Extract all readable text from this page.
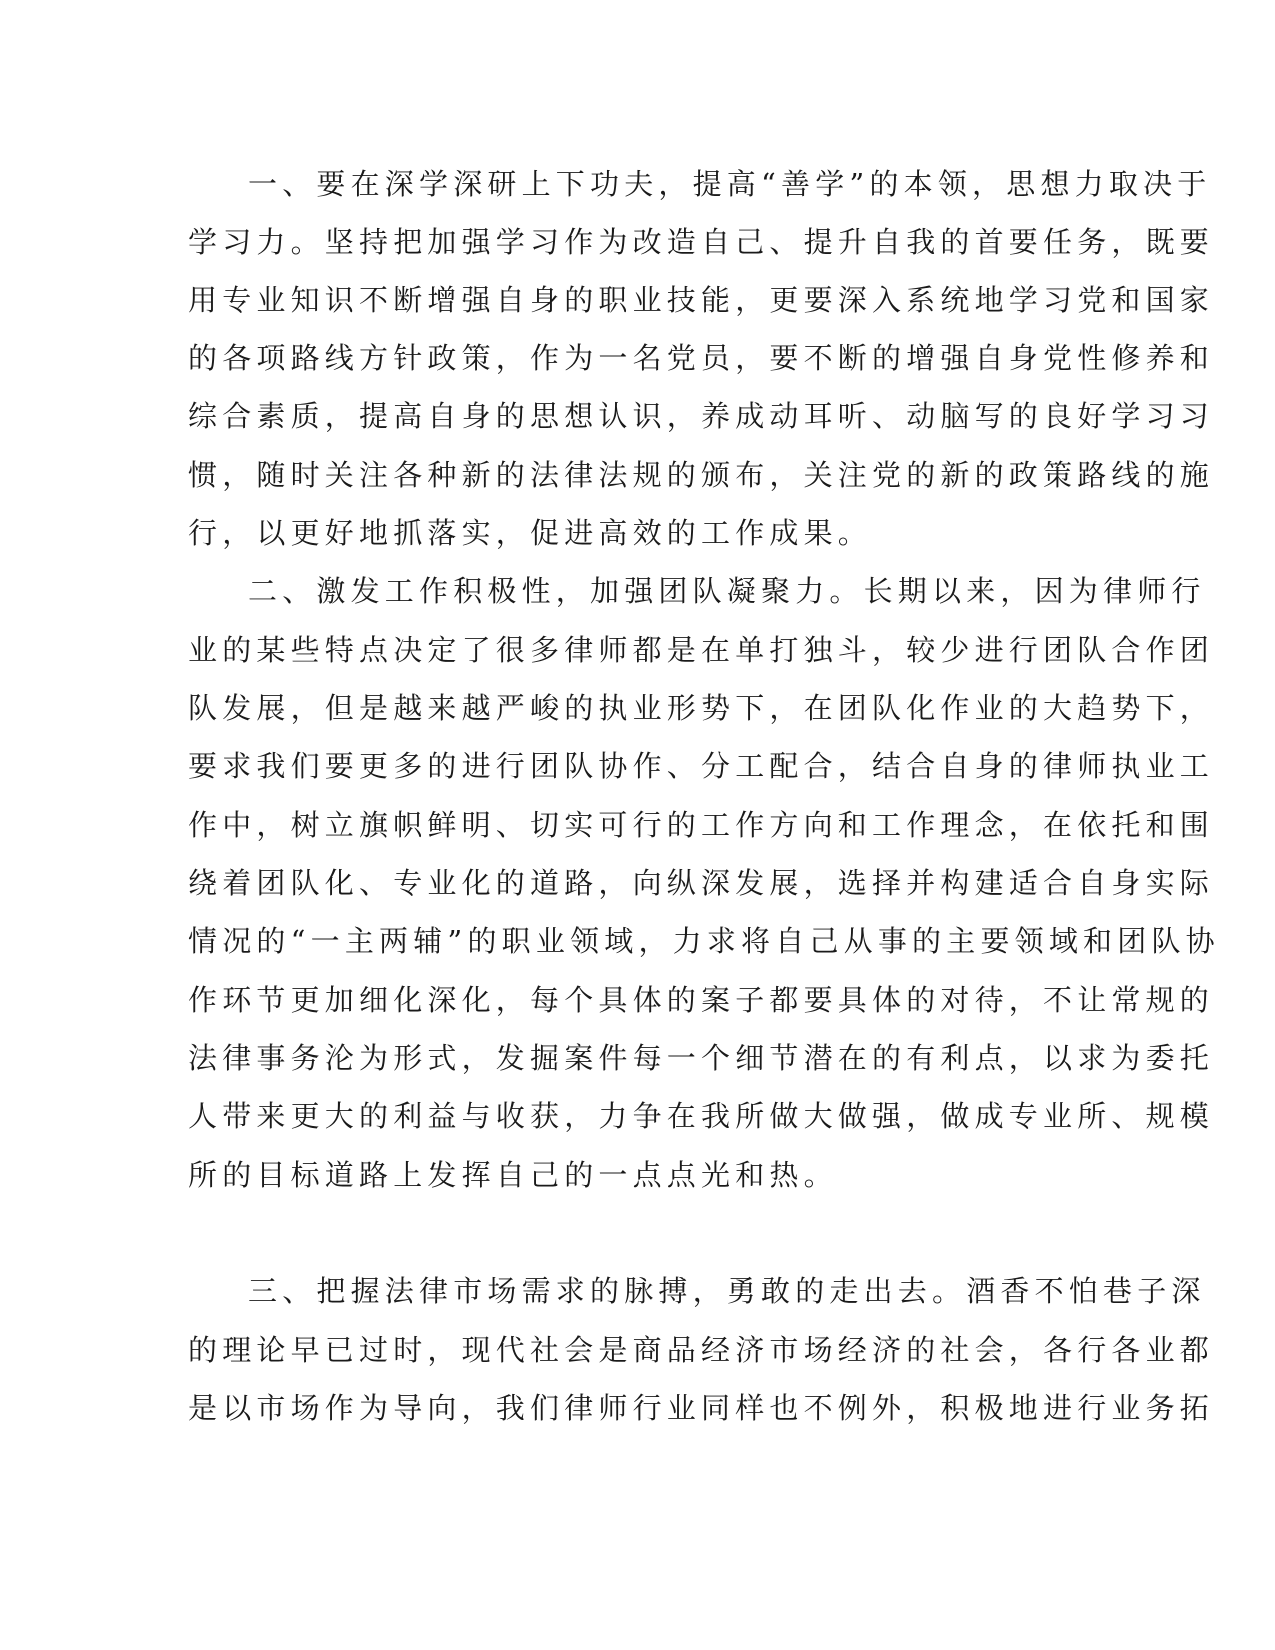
一、要在深学深研上下功夫，提高“善学”的本领，思想力取决于

学习力。坚持把加强学习作为改造自己、提升自我的首要任务，既要

用专业知识不断增强自身的职业技能，更要深入系统地学习党和国家

的各项路线方针政策，作为一名党员，要不断的增强自身党性修养和

综合素质，提高自身的思想认识，养成动耳听、动脑写的良好学习习

惯，随时关注各种新的法律法规的颁布，关注党的新的政策路线的施

行，以更好地抓落实，促进高效的工作成果。

二、激发工作积极性，加强团队凝聚力。长期以来，因为律师行

业的某些特点决定了很多律师都是在单打独斗，较少进行团队合作团

队发展，但是越来越严峻的执业形势下，在团队化作业的大趋势下，

要求我们要更多的进行团队协作、分工配合，结合自身的律师执业工

作中，树立旗帜鲜明、切实可行的工作方向和工作理念，在依托和围

绕着团队化、专业化的道路，向纵深发展，选择并构建适合自身实际

情况的“一主两辅”的职业领域，力求将自己从事的主要领域和团队协

作环节更加细化深化，每个具体的案子都要具体的对待，不让常规的

法律事务沦为形式，发掘案件每一个细节潜在的有利点，以求为委托

人带来更大的利益与收获，力争在我所做大做强，做成专业所、规模

所的目标道路上发挥自己的一点点光和热。

三、把握法律市场需求的脉搏，勇敢的走出去。酒香不怕巷子深

的理论早已过时，现代社会是商品经济市场经济的社会，各行各业都

是以市场作为导向，我们律师行业同样也不例外，积极地进行业务拓
